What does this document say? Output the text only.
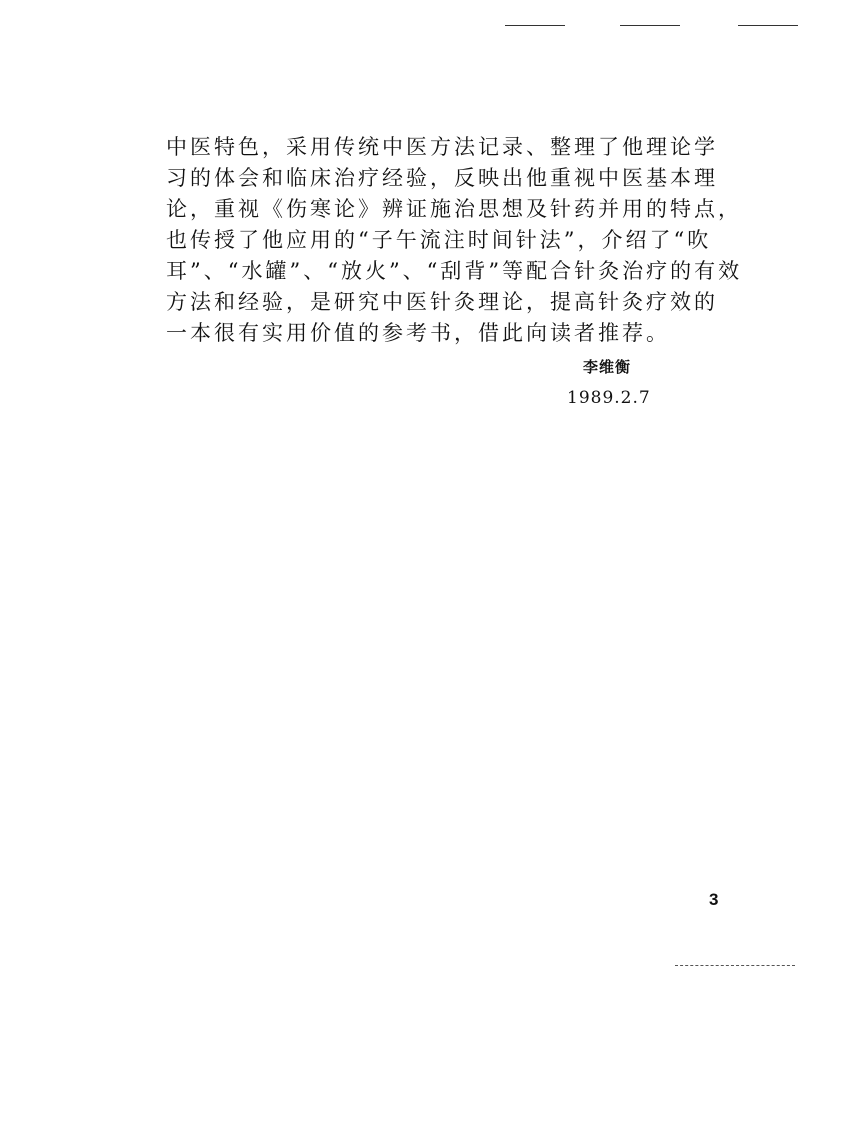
中医特色，采用传统中医方法记录、整理了他理论学
习的体会和临床治疗经验，反映出他重视中医基本理
论，重视《伤寒论》辨证施治思想及针药并用的特点，
也传授了他应用的“子午流注时间针法”，介绍了“吹
耳”、“水罐”、“放火”、“刮背”等配合针灸治疗的有效
方法和经验，是研究中医针灸理论，提高针灸疗效的
一本很有实用价值的参考书，借此向读者推荐。
李维衡
1989.2.7
3
